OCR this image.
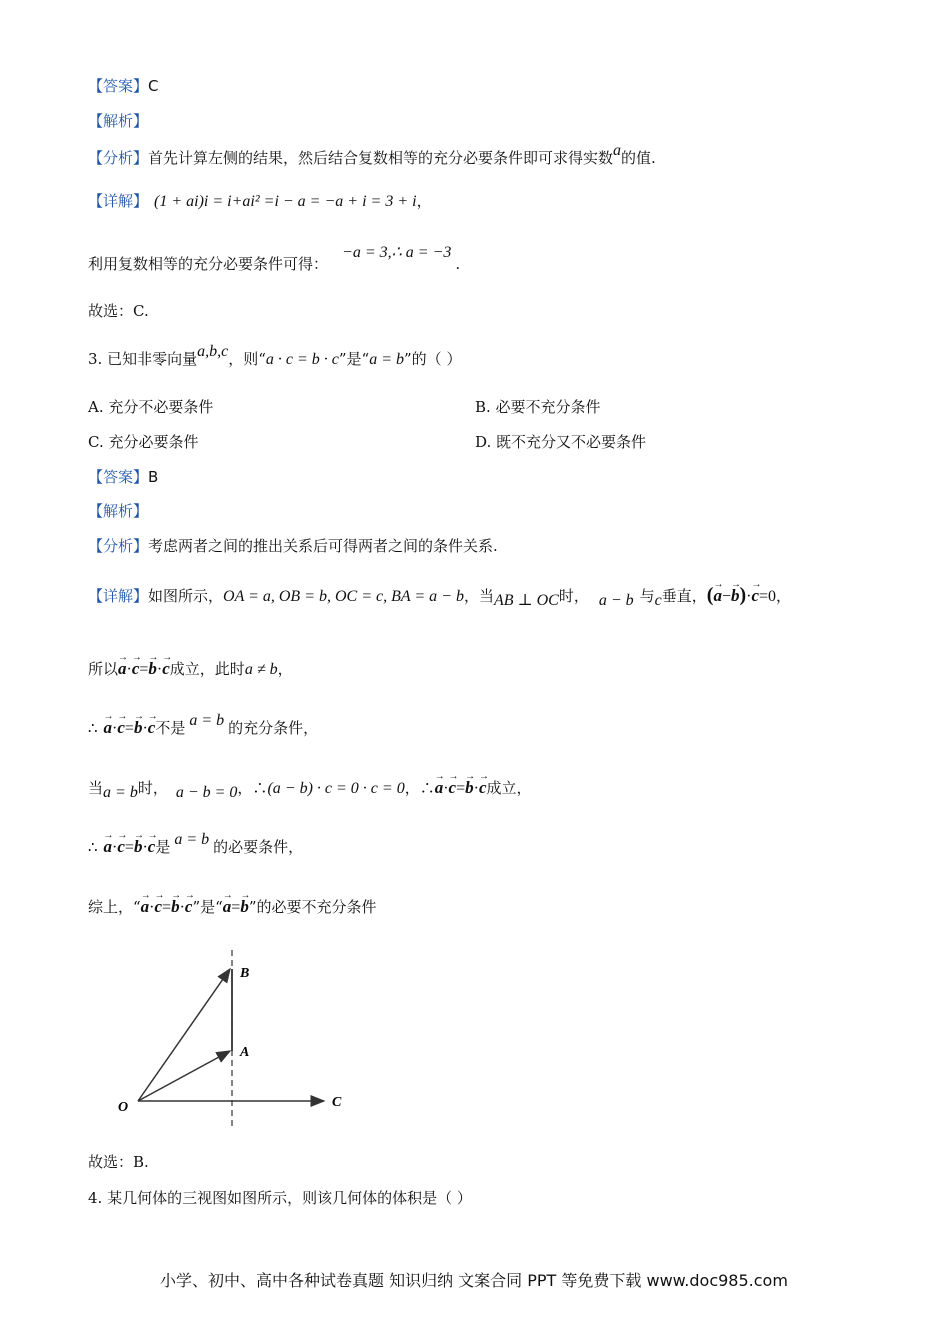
【答案】C
【解析】
【分析】首先计算左侧的结果，然后结合复数相等的充分必要条件即可求得实数a的值.
【详解】 (1 + ai)i = i+ai² =i − a = −a + i = 3 + i，
利用复数相等的充分必要条件可得：−a = 3,∴ a = −3.
故选：C.
3. 已知非零向量a,b,c，则“a · c = b · c”是“a = b”的（ ）
A. 充分不必要条件	B. 必要不充分条件
C. 充分必要条件	D. 既不充分又不必要条件
【答案】B
【解析】
【分析】考虑两者之间的推出关系后可得两者之间的条件关系.
【详解】如图所示，OA = a, OB = b, OC = c, BA = a − b，当AB ⊥ OC时， a − b 与c垂直，(→ a−→ b)·→ c=0，
所以→ a·→ c=→ b·→ c成立，此时a ≠ b，
∴ → a·→ c=→ b·→ c不是 a = b 的充分条件，
当a = b时， a − b = 0，∴(a − b) · c = 0 · c = 0，∴→ a·→ c=→ b·→ c成立，
∴ → a·→ c=→ b·→ c是 a = b 的必要条件，
综上，“→ a·→ c=→ b·→ c”是“→ a=→ b”的必要不充分条件
B
A
O	C
故选：B.
4. 某几何体的三视图如图所示，则该几何体的体积是（ ）
小学、初中、高中各种试卷真题 知识归纳 文案合同 PPT 等免费下载 www.doc985.com
